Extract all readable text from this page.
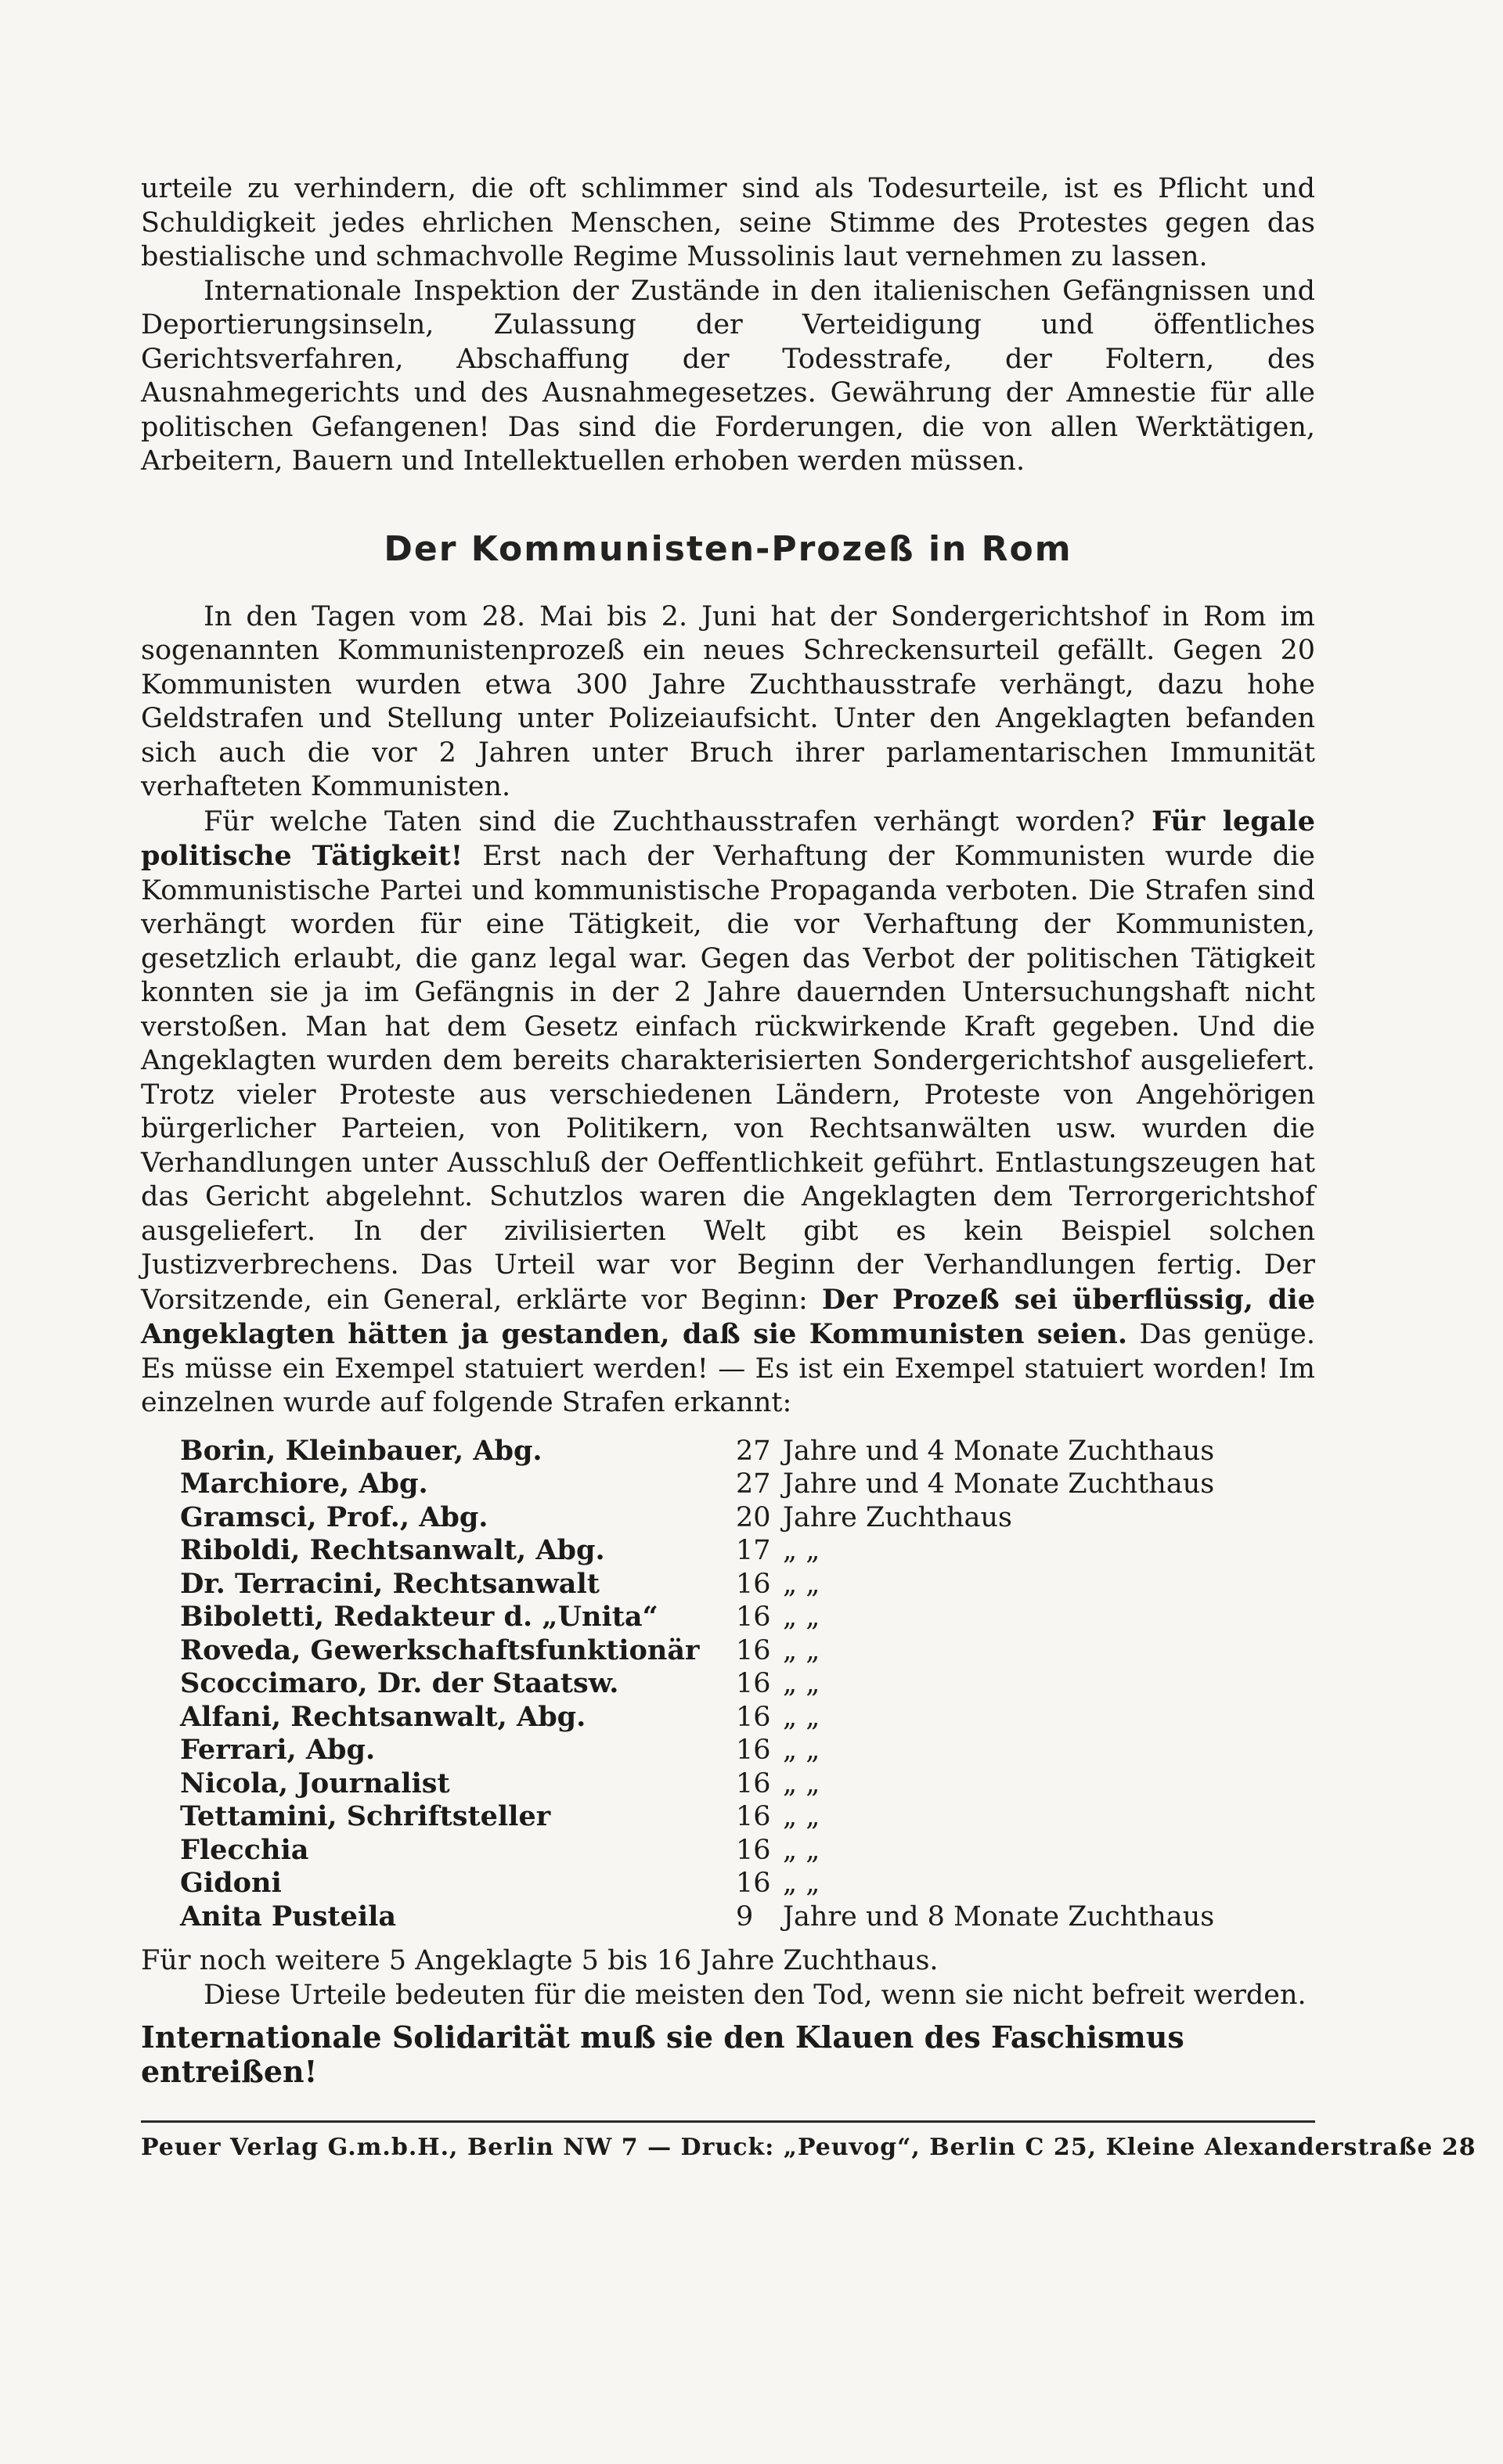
urteile zu verhindern, die oft schlimmer sind als Todesurteile, ist es Pflicht und Schuldigkeit jedes ehrlichen Menschen, seine Stimme des Protestes gegen das bestialische und schmachvolle Regime Mussolinis laut vernehmen zu lassen.

Internationale Inspektion der Zustände in den italienischen Gefängnissen und Deportierungsinseln, Zulassung der Verteidigung und öffentliches Gerichtsverfahren, Abschaffung der Todesstrafe, der Foltern, des Ausnahmegerichts und des Ausnahmegesetzes. Gewährung der Amnestie für alle politischen Gefangenen! Das sind die Forderungen, die von allen Werktätigen, Arbeitern, Bauern und Intellektuellen erhoben werden müssen.

Der Kommunisten-Prozeß in Rom

In den Tagen vom 28. Mai bis 2. Juni hat der Sondergerichtshof in Rom im sogenannten Kommunistenprozeß ein neues Schreckensurteil gefällt. Gegen 20 Kommunisten wurden etwa 300 Jahre Zuchthausstrafe verhängt, dazu hohe Geldstrafen und Stellung unter Polizeiaufsicht. Unter den Angeklagten befanden sich auch die vor 2 Jahren unter Bruch ihrer parlamentarischen Immunität verhafteten Kommunisten.

Für welche Taten sind die Zuchthausstrafen verhängt worden? Für legale politische Tätigkeit! Erst nach der Verhaftung der Kommunisten wurde die Kommunistische Partei und kommunistische Propaganda verboten. Die Strafen sind verhängt worden für eine Tätigkeit, die vor Verhaftung der Kommunisten, gesetzlich erlaubt, die ganz legal war. Gegen das Verbot der politischen Tätigkeit konnten sie ja im Gefängnis in der 2 Jahre dauernden Untersuchungshaft nicht verstoßen. Man hat dem Gesetz einfach rückwirkende Kraft gegeben. Und die Angeklagten wurden dem bereits charakterisierten Sondergerichtshof ausgeliefert. Trotz vieler Proteste aus verschiedenen Ländern, Proteste von Angehörigen bürgerlicher Parteien, von Politikern, von Rechtsanwälten usw. wurden die Verhandlungen unter Ausschluß der Oeffentlichkeit geführt. Entlastungszeugen hat das Gericht abgelehnt. Schutzlos waren die Angeklagten dem Terrorgerichtshof ausgeliefert. In der zivilisierten Welt gibt es kein Beispiel solchen Justizverbrechens. Das Urteil war vor Beginn der Verhandlungen fertig. Der Vorsitzende, ein General, erklärte vor Beginn: Der Prozeß sei überflüssig, die Angeklagten hätten ja gestanden, daß sie Kommunisten seien. Das genüge. Es müsse ein Exempel statuiert werden! — Es ist ein Exempel statuiert worden! Im einzelnen wurde auf folgende Strafen erkannt:

Borin, Kleinbauer, Abg.	27	Jahre und 4 Monate Zuchthaus
Marchiore, Abg.	27	Jahre und 4 Monate Zuchthaus
Gramsci, Prof., Abg.	20	Jahre Zuchthaus
Riboldi, Rechtsanwalt, Abg.	17	„ „
Dr. Terracini, Rechtsanwalt	16	„ „
Biboletti, Redakteur d. „Unita“	16	„ „
Roveda, Gewerkschaftsfunktionär	16	„ „
Scoccimaro, Dr. der Staatsw.	16	„ „
Alfani, Rechtsanwalt, Abg.	16	„ „
Ferrari, Abg.	16	„ „
Nicola, Journalist	16	„ „
Tettamini, Schriftsteller	16	„ „
Flecchia	16	„ „
Gidoni	16	„ „
Anita Pusteila	9	Jahre und 8 Monate Zuchthaus

Für noch weitere 5 Angeklagte 5 bis 16 Jahre Zuchthaus.

Diese Urteile bedeuten für die meisten den Tod, wenn sie nicht befreit werden.

Internationale Solidarität muß sie den Klauen des Faschismus entreißen!

Peuer Verlag G.m.b.H., Berlin NW 7 — Druck: „Peuvog“, Berlin C 25, Kleine Alexanderstraße 28
